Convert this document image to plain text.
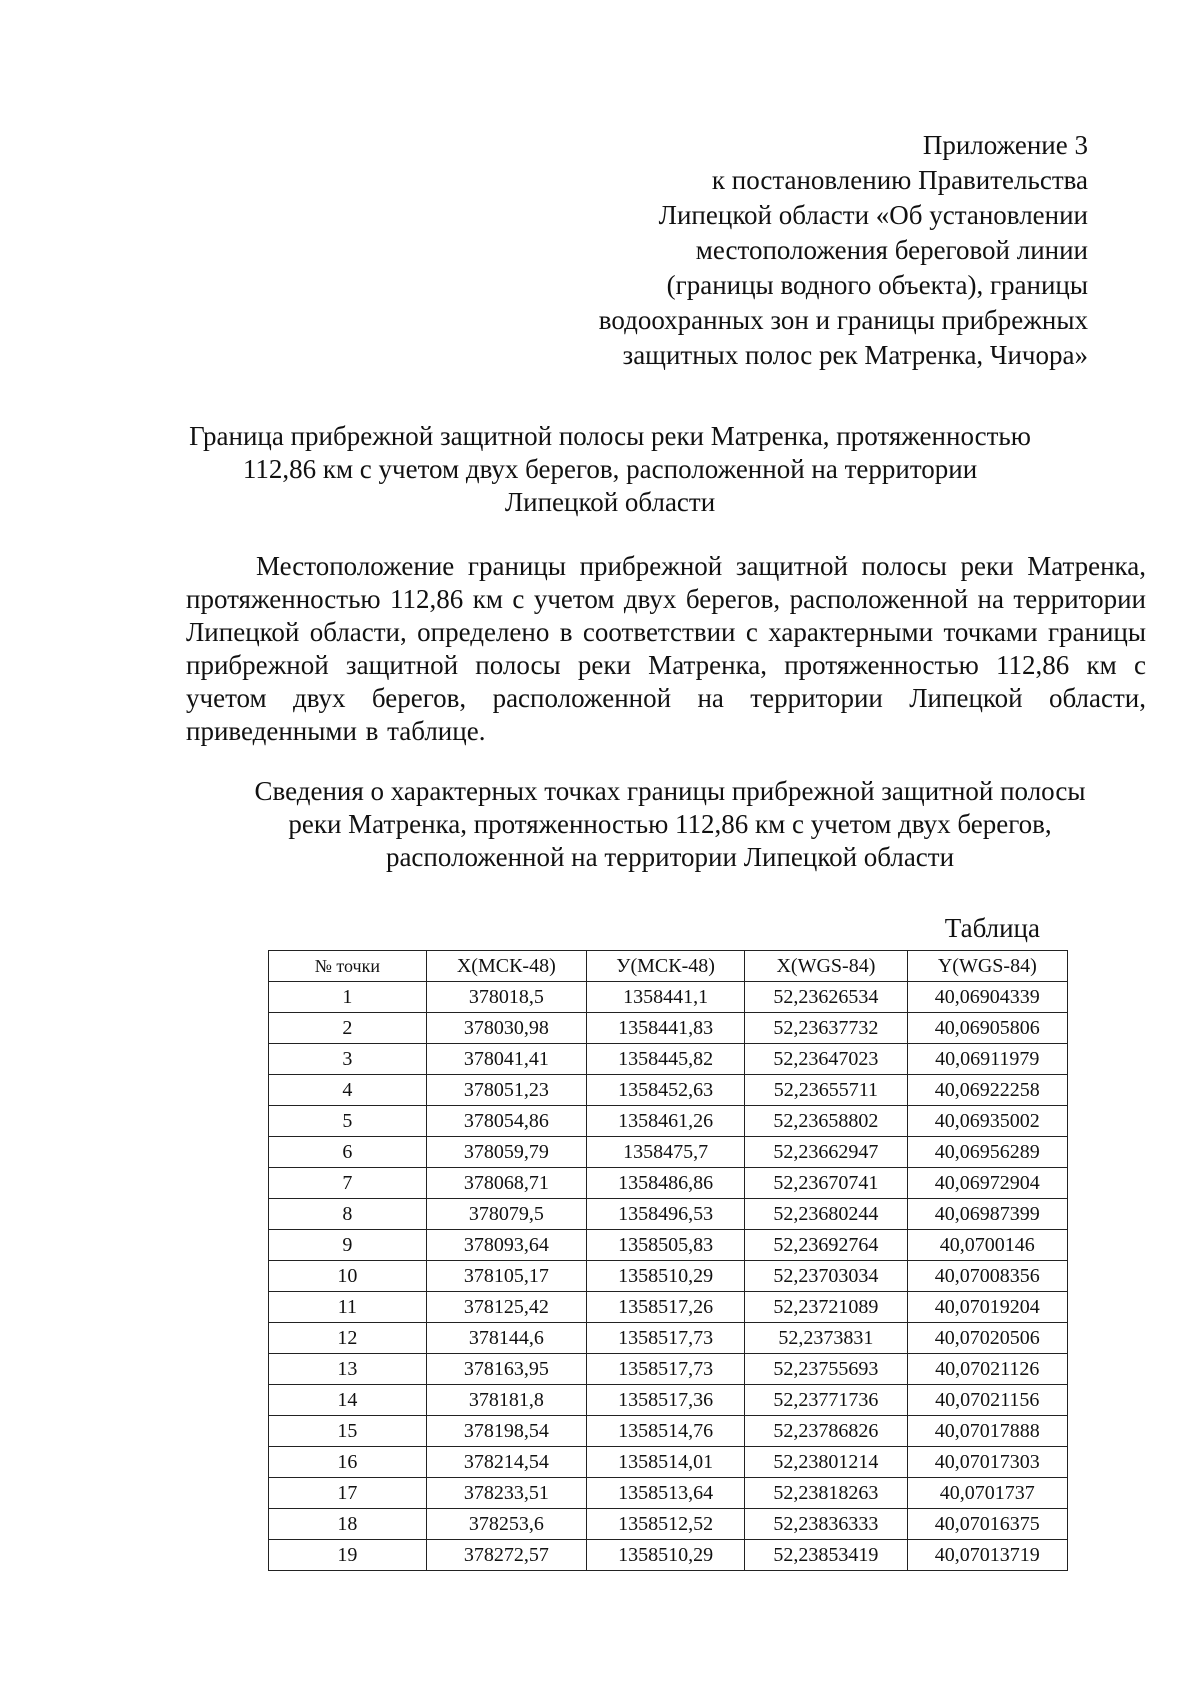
Приложение 3
к постановлению Правительства
Липецкой области «Об установлении
местоположения береговой линии
(границы водного объекта), границы
водоохранных зон и границы прибрежных
защитных полос рек Матренка, Чичора»
Граница прибрежной защитной полосы реки Матренка, протяженностью
112,86 км с учетом двух берегов, расположенной на территории
Липецкой области
Местоположение границы прибрежной защитной полосы реки Матренка, протяженностью 112,86 км с учетом двух берегов, расположенной на территории Липецкой области, определено в соответствии с характерными точками границы прибрежной защитной полосы реки Матренка, протяженностью 112,86 км с учетом двух берегов, расположенной на территории Липецкой области, приведенными в таблице.
Сведения о характерных точках границы прибрежной защитной полосы
реки Матренка, протяженностью 112,86 км с учетом двух берегов,
расположенной на территории Липецкой области
Таблица
№ точки	X(МСК-48)	У(МСК-48)	X(WGS-84)	Y(WGS-84)
1	378018,5	1358441,1	52,23626534	40,06904339
2	378030,98	1358441,83	52,23637732	40,06905806
3	378041,41	1358445,82	52,23647023	40,06911979
4	378051,23	1358452,63	52,23655711	40,06922258
5	378054,86	1358461,26	52,23658802	40,06935002
6	378059,79	1358475,7	52,23662947	40,06956289
7	378068,71	1358486,86	52,23670741	40,06972904
8	378079,5	1358496,53	52,23680244	40,06987399
9	378093,64	1358505,83	52,23692764	40,0700146
10	378105,17	1358510,29	52,23703034	40,07008356
11	378125,42	1358517,26	52,23721089	40,07019204
12	378144,6	1358517,73	52,2373831	40,07020506
13	378163,95	1358517,73	52,23755693	40,07021126
14	378181,8	1358517,36	52,23771736	40,07021156
15	378198,54	1358514,76	52,23786826	40,07017888
16	378214,54	1358514,01	52,23801214	40,07017303
17	378233,51	1358513,64	52,23818263	40,0701737
18	378253,6	1358512,52	52,23836333	40,07016375
19	378272,57	1358510,29	52,23853419	40,07013719
